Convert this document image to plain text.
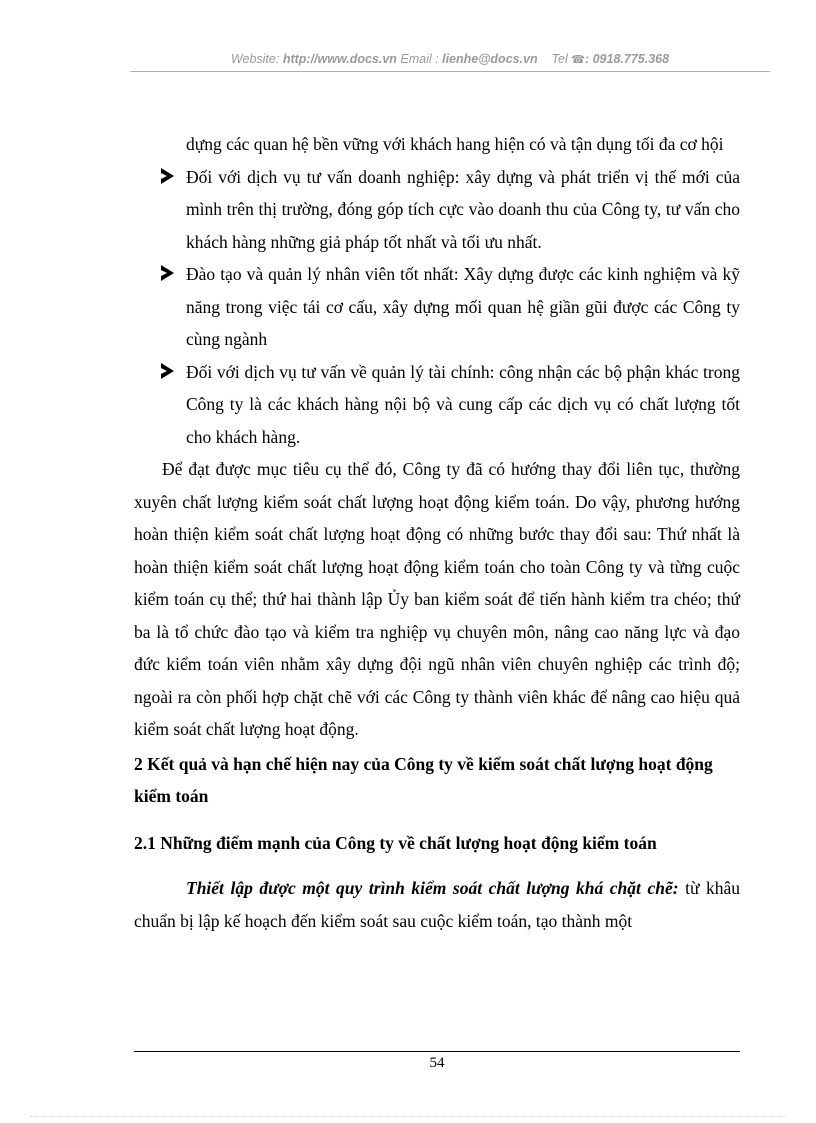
Website: http://www.docs.vn Email : lienhe@docs.vn Tel ☎: 0918.775.368
dựng các quan hệ bền vững với khách hang hiện có và tận dụng tối đa cơ hội
Đối với dịch vụ tư vấn doanh nghiệp: xây dựng và phát triển vị thế mới của mình trên thị trường, đóng góp tích cực vào doanh thu của Công ty, tư vấn cho khách hàng những giả pháp tốt nhất và tối ưu nhất.
Đào tạo và quản lý nhân viên tốt nhất: Xây dựng được các kinh nghiệm và kỹ năng trong việc tái cơ cấu, xây dựng mối quan hệ giần gũi được các Công ty cùng ngành
Đối với dịch vụ tư vấn về quản lý tài chính: công nhận các bộ phận khác trong Công ty là các khách hàng nội bộ và cung cấp các dịch vụ có chất lượng tốt cho khách hàng.
Để đạt được mục tiêu cụ thể đó, Công ty đã có hướng thay đổi liên tục, thường xuyên chất lượng kiểm soát chất lượng hoạt động kiểm toán. Do vậy, phương hướng hoàn thiện kiểm soát chất lượng hoạt động có những bước thay đổi sau: Thứ nhất là hoàn thiện kiểm soát chất lượng hoạt động kiểm toán cho toàn Công ty và từng cuộc kiểm toán cụ thể; thứ hai thành lập Ủy ban kiểm soát để tiến hành kiểm tra chéo; thứ ba là tổ chức đào tạo và kiểm tra nghiệp vụ chuyên môn, nâng cao năng lực và đạo đức kiểm toán viên nhằm xây dựng đội ngũ nhân viên chuyên nghiệp các trình độ; ngoài ra còn phối hợp chặt chẽ với các Công ty thành viên khác để nâng cao hiệu quả kiểm soát chất lượng hoạt động.
2 Kết quả và hạn chế hiện nay của Công ty về kiểm soát chất lượng hoạt động kiểm toán
2.1 Những điểm mạnh của Công ty về chất lượng hoạt động kiểm toán
Thiết lập được một quy trình kiểm soát chất lượng khá chặt chẽ: từ khâu chuẩn bị lập kế hoạch đến kiểm soát sau cuộc kiểm toán, tạo thành một
54
